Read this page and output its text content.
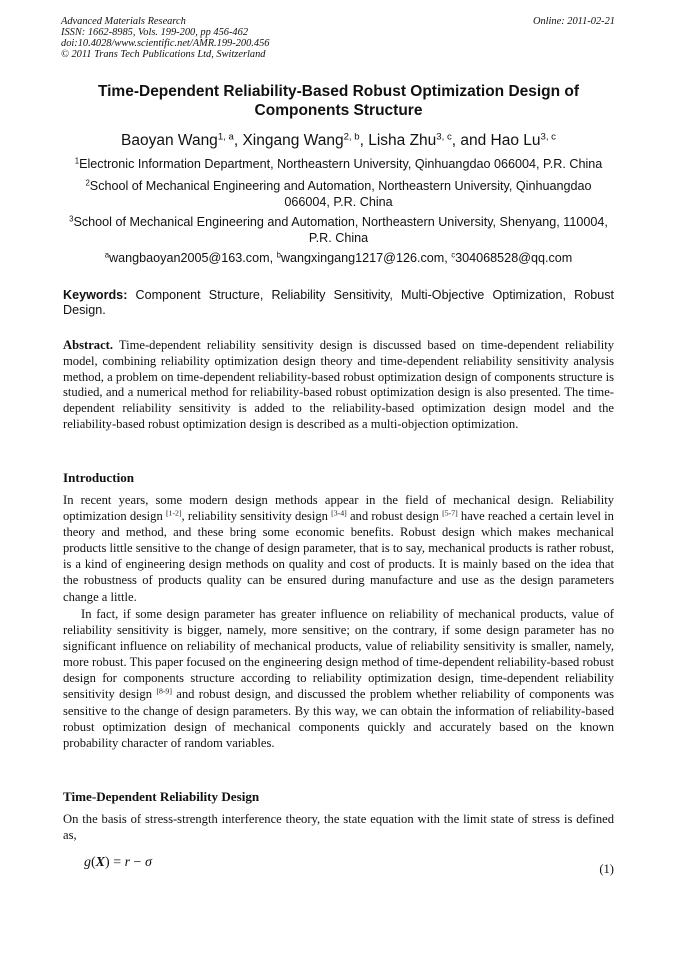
Advanced Materials Research
ISSN: 1662-8985, Vols. 199-200, pp 456-462
doi:10.4028/www.scientific.net/AMR.199-200.456
© 2011 Trans Tech Publications Ltd, Switzerland
Online: 2011-02-21
Time-Dependent Reliability-Based Robust Optimization Design of Components Structure
Baoyan Wang$^{1, a}$, Xingang Wang$^{2, b}$, Lisha Zhu$^{3, c}$, and Hao Lu$^{3, c}$
$^1$Electronic Information Department, Northeastern University, Qinhuangdao 066004, P.R. China
$^2$School of Mechanical Engineering and Automation, Northeastern University, Qinhuangdao 066004, P.R. China
$^3$School of Mechanical Engineering and Automation, Northeastern University, Shenyang, 110004, P.R. China
$^a$wangbaoyan2005@163.com, $^b$wangxingang1217@126.com, $^c$304068528@qq.com
Keywords: Component Structure, Reliability Sensitivity, Multi-Objective Optimization, Robust Design.
Abstract. Time-dependent reliability sensitivity design is discussed based on time-dependent reliability model, combining reliability optimization design theory and time-dependent reliability sensitivity analysis method, a problem on time-dependent reliability-based robust optimization design of components structure is studied, and a numerical method for reliability-based robust optimization design is also presented. The time-dependent reliability sensitivity is added to the reliability-based optimization design model and the reliability-based robust optimization design is described as a multi-objection optimization.
Introduction
In recent years, some modern design methods appear in the field of mechanical design. Reliability optimization design [1-2], reliability sensitivity design [3-4] and robust design [5-7] have reached a certain level in theory and method, and these bring some economic benefits. Robust design which makes mechanical products little sensitive to the change of design parameter, that is to say, mechanical products is rather robust, is a kind of engineering design methods on quality and cost of products. It is mainly based on the idea that the robustness of products quality can be ensured during manufacture and use as the design parameters change a little.
In fact, if some design parameter has greater influence on reliability of mechanical products, value of reliability sensitivity is bigger, namely, more sensitive; on the contrary, if some design parameter has no significant influence on reliability of mechanical products, value of reliability sensitivity is smaller, namely, more robust. This paper focused on the engineering design method of time-dependent reliability-based robust design for components structure according to reliability optimization design, time-dependent reliability sensitivity design [8-9] and robust design, and discussed the problem whether reliability of components was sensitive to the change of design parameters. By this way, we can obtain the information of reliability-based robust optimization design of mechanical components quickly and accurately based on the known probability character of random variables.
Time-Dependent Reliability Design
On the basis of stress-strength interference theory, the state equation with the limit state of stress is defined as,
g(X) = r − σ	(1)
